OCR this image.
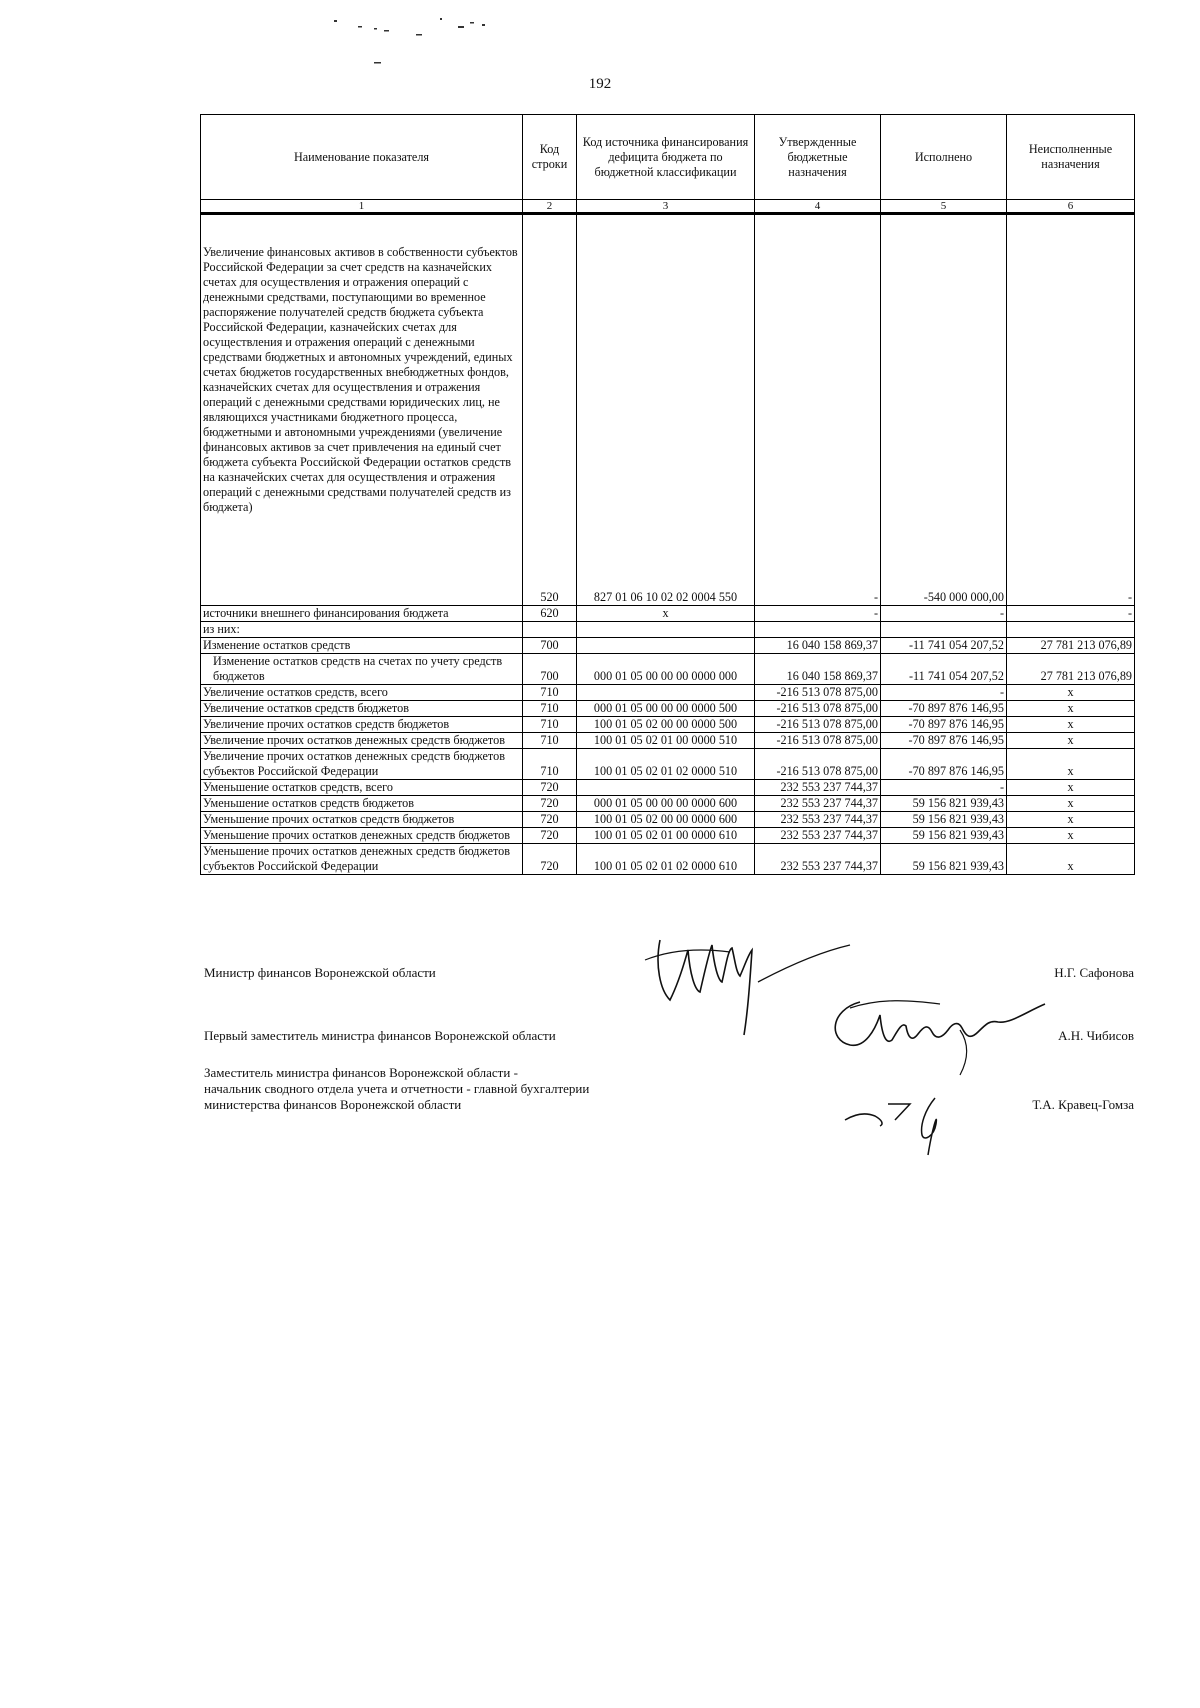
192
Наименование показателя	Код строки	Код источника финансирования дефицита бюджета по бюджетной классификации	Утвержденные бюджетные назначения	Исполнено	Неисполненные назначения
1	2	3	4	5	6
Увеличение финансовых активов в собственности субъектов Российской Федерации за счет средств на казначейских счетах для осуществления и отражения операций с денежными средствами, поступающими во временное распоряжение получателей средств бюджета субъекта Российской Федерации, казначейских счетах для осуществления и отражения операций с денежными средствами бюджетных и автономных учреждений, единых счетах бюджетов государственных внебюджетных фондов, казначейских счетах для осуществления и отражения операций с денежными средствами юридических лиц, не являющихся участниками бюджетного процесса, бюджетными и автономными учреждениями (увеличение финансовых активов за счет привлечения на единый счет бюджета субъекта Российской Федерации остатков средств на казначейских счетах для осуществления и отражения операций с денежными средствами получателей средств из бюджета)	520	827 01 06 10 02 02 0004 550	-	-540 000 000,00	-
источники внешнего финансирования бюджета	620	x	-	-	-
из них:					
Изменение остатков средств	700		16 040 158 869,37	-11 741 054 207,52	27 781 213 076,89
Изменение остатков средств на счетах по учету средств бюджетов	700	000 01 05 00 00 00 0000 000	16 040 158 869,37	-11 741 054 207,52	27 781 213 076,89
Увеличение остатков средств, всего	710		-216 513 078 875,00	-	x
Увеличение остатков средств бюджетов	710	000 01 05 00 00 00 0000 500	-216 513 078 875,00	-70 897 876 146,95	x
Увеличение прочих остатков средств бюджетов	710	100 01 05 02 00 00 0000 500	-216 513 078 875,00	-70 897 876 146,95	x
Увеличение прочих остатков денежных средств бюджетов	710	100 01 05 02 01 00 0000 510	-216 513 078 875,00	-70 897 876 146,95	x
Увеличение прочих остатков денежных средств бюджетов субъектов Российской Федерации	710	100 01 05 02 01 02 0000 510	-216 513 078 875,00	-70 897 876 146,95	x
Уменьшение остатков средств, всего	720		232 553 237 744,37	-	x
Уменьшение остатков средств бюджетов	720	000 01 05 00 00 00 0000 600	232 553 237 744,37	59 156 821 939,43	x
Уменьшение прочих остатков средств бюджетов	720	100 01 05 02 00 00 0000 600	232 553 237 744,37	59 156 821 939,43	x
Уменьшение прочих остатков денежных средств бюджетов	720	100 01 05 02 01 00 0000 610	232 553 237 744,37	59 156 821 939,43	x
Уменьшение прочих остатков денежных средств бюджетов субъектов Российской Федерации	720	100 01 05 02 01 02 0000 610	232 553 237 744,37	59 156 821 939,43	x
Министр финансов Воронежской области	Н.Г. Сафонова
Первый заместитель министра финансов Воронежской области	А.Н. Чибисов
Заместитель министра финансов Воронежской области -
начальник сводного отдела учета и отчетности - главной бухгалтерии
министерства финансов Воронежской области	Т.А. Кравец-Гомза
